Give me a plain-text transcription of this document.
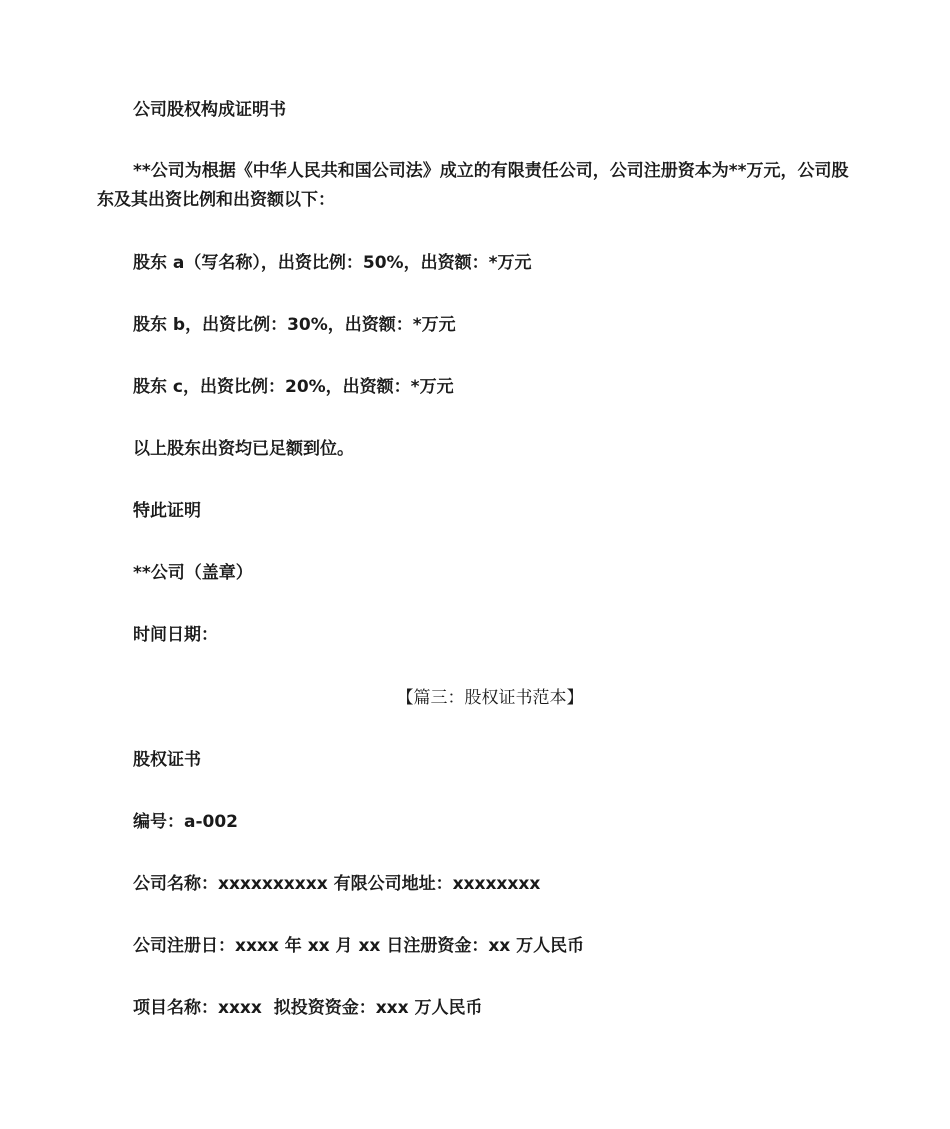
公司股权构成证明书
**公司为根据《中华人民共和国公司法》成立的有限责任公司，公司注册资本为**万元，公司股东及其出资比例和出资额以下：
股东 a（写名称），出资比例：50%，出资额：*万元
股东 b，出资比例：30%，出资额：*万元
股东 c，出资比例：20%，出资额：*万元
以上股东出资均已足额到位。
特此证明
**公司（盖章）
时间日期：
【篇三：股权证书范本】
股权证书
编号：a-002
公司名称：xxxxxxxxxx 有限公司地址：xxxxxxxx
公司注册日：xxxx 年 xx 月 xx 日注册资金：xx 万人民币
项目名称：xxxx  拟投资资金：xxx 万人民币
